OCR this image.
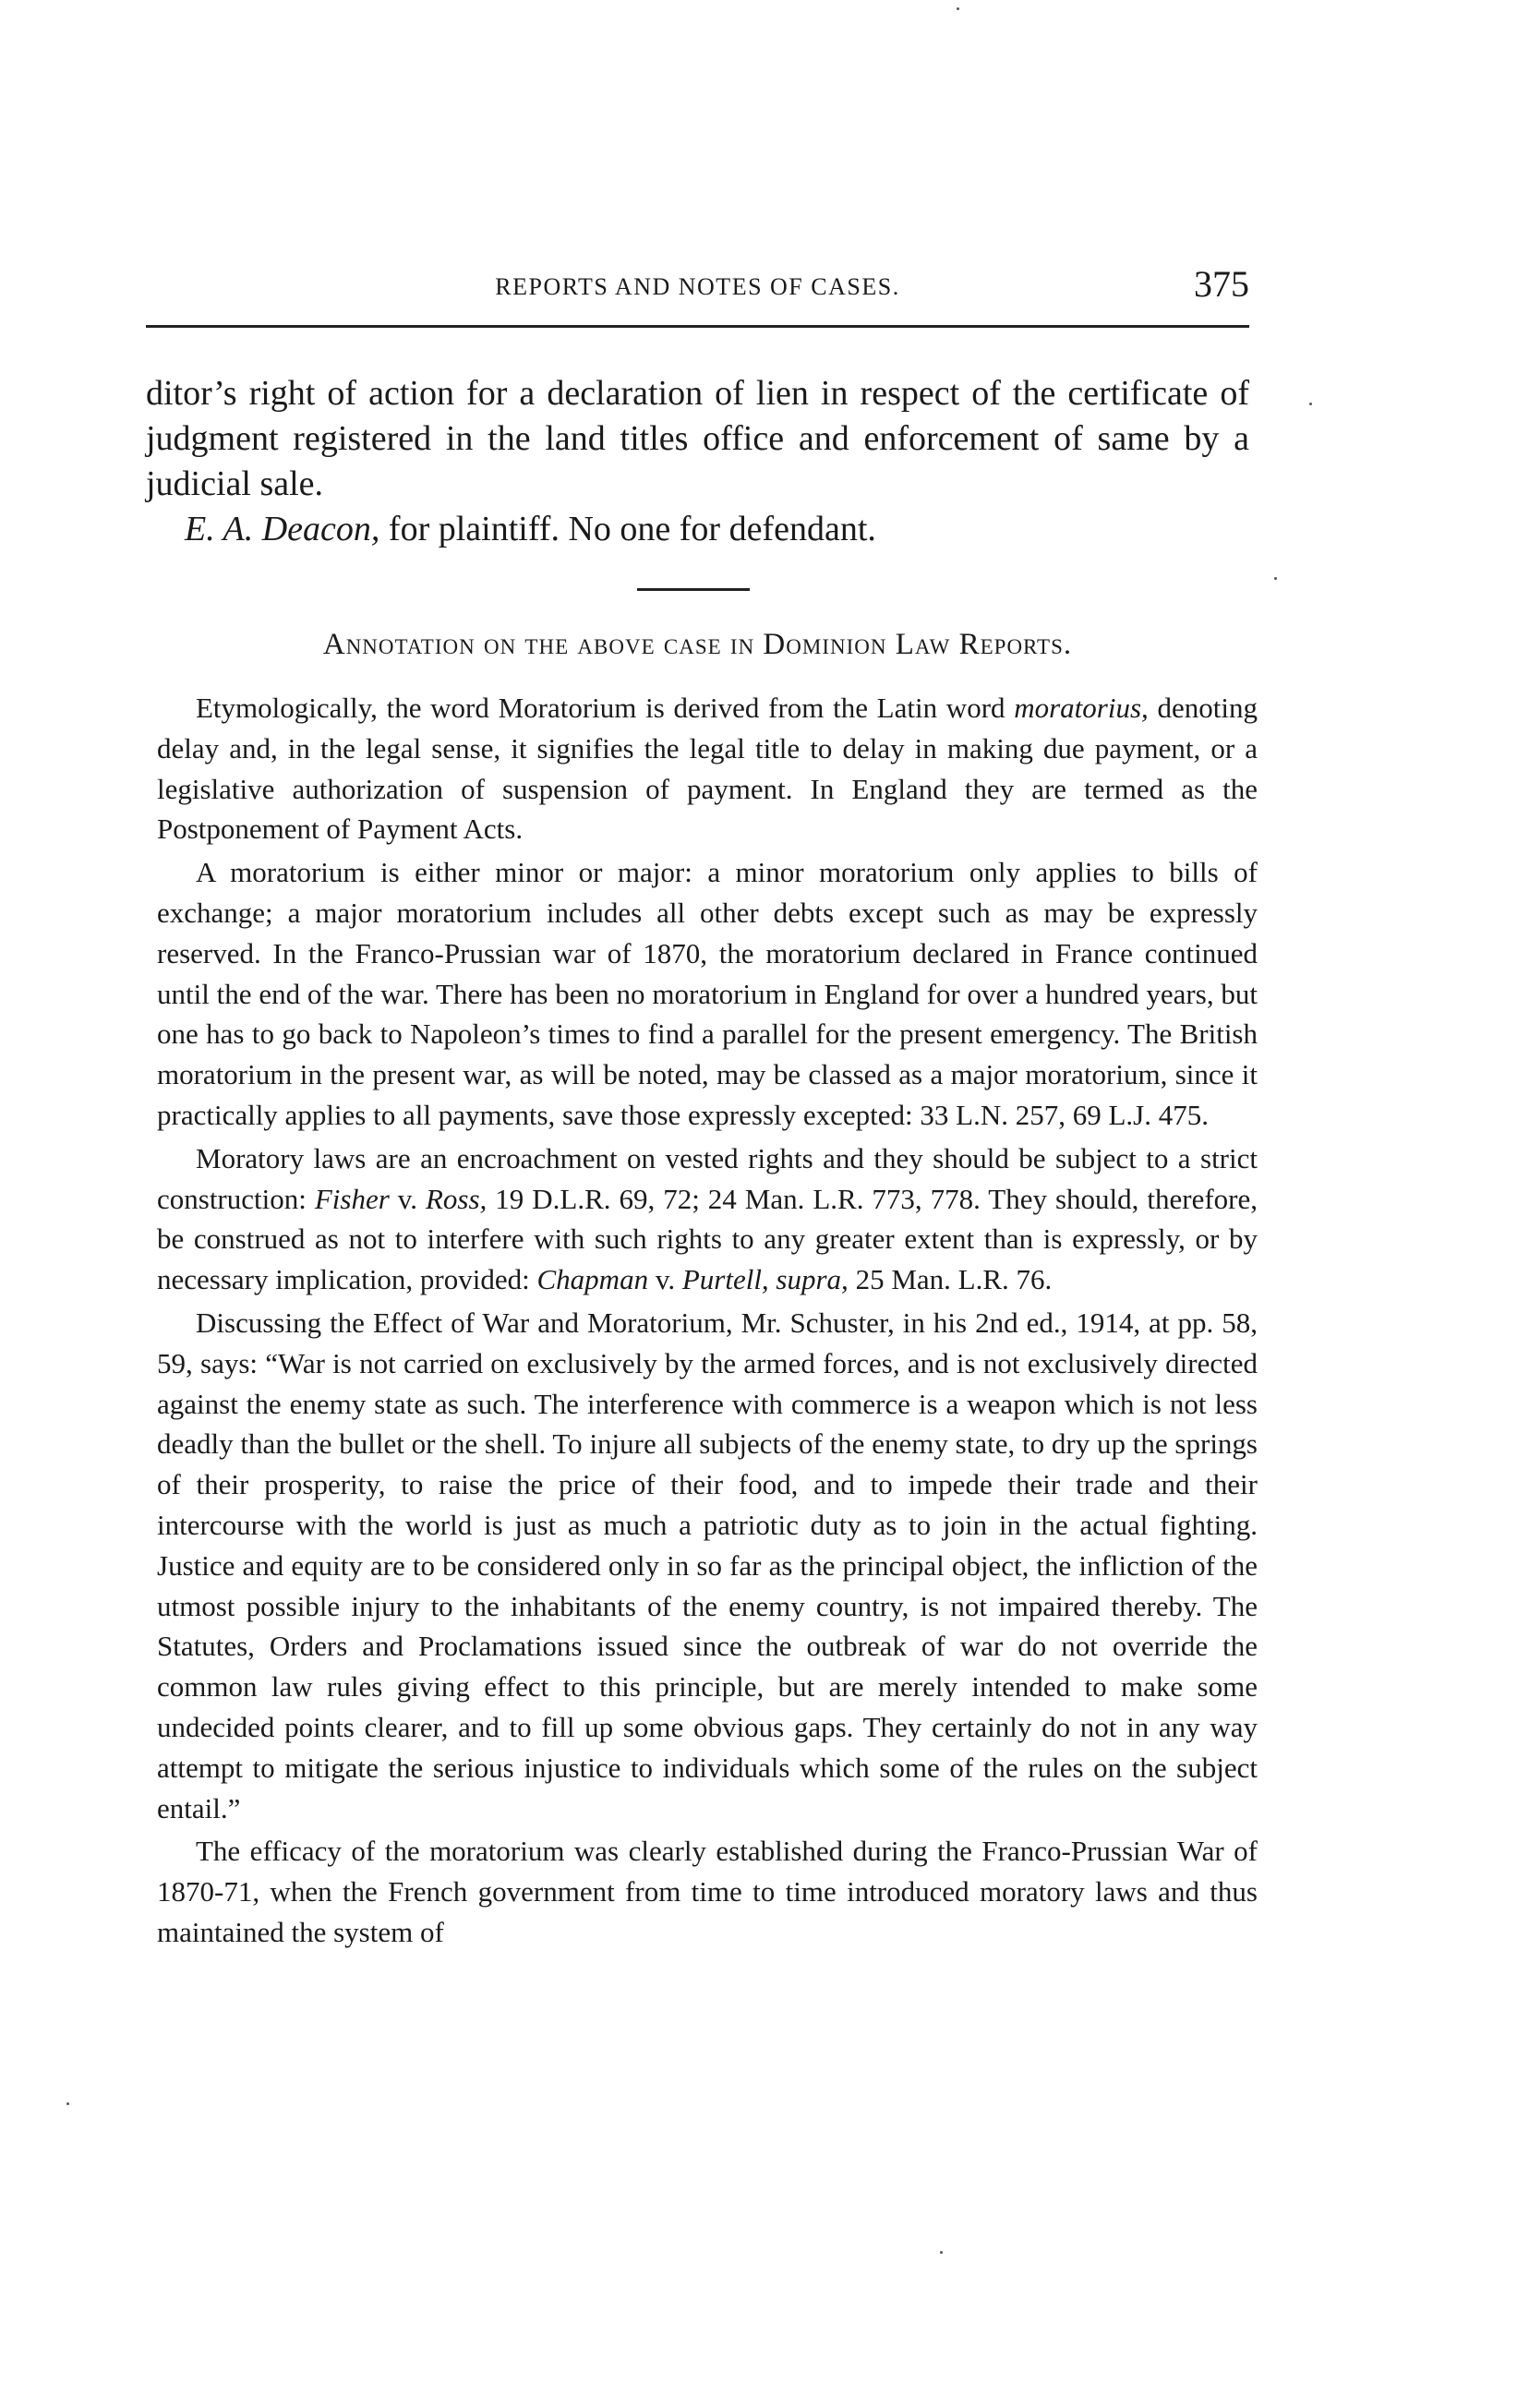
REPORTS AND NOTES OF CASES.	375

ditor’s right of action for a declaration of lien in respect of the certificate of judgment registered in the land titles office and enforcement of same by a judicial sale.

E. A. Deacon, for plaintiff. No one for defendant.

Annotation on the above case in Dominion Law Reports.

Etymologically, the word Moratorium is derived from the Latin word moratorius, denoting delay and, in the legal sense, it signifies the legal title to delay in making due payment, or a legislative authorization of suspension of payment. In England they are termed as the Postponement of Payment Acts.

A moratorium is either minor or major: a minor moratorium only applies to bills of exchange; a major moratorium includes all other debts except such as may be expressly reserved. In the Franco-Prussian war of 1870, the moratorium declared in France continued until the end of the war. There has been no moratorium in England for over a hundred years, but one has to go back to Napoleon’s times to find a parallel for the present emergency. The British moratorium in the present war, as will be noted, may be classed as a major moratorium, since it practically applies to all payments, save those expressly excepted: 33 L.N. 257, 69 L.J. 475.

Moratory laws are an encroachment on vested rights and they should be subject to a strict construction: Fisher v. Ross, 19 D.L.R. 69, 72; 24 Man. L.R. 773, 778. They should, therefore, be construed as not to interfere with such rights to any greater extent than is expressly, or by necessary implication, provided: Chapman v. Purtell, supra, 25 Man. L.R. 76.

Discussing the Effect of War and Moratorium, Mr. Schuster, in his 2nd ed., 1914, at pp. 58, 59, says: “War is not carried on exclusively by the armed forces, and is not exclusively directed against the enemy state as such. The interference with commerce is a weapon which is not less deadly than the bullet or the shell. To injure all subjects of the enemy state, to dry up the springs of their prosperity, to raise the price of their food, and to impede their trade and their intercourse with the world is just as much a patriotic duty as to join in the actual fighting. Justice and equity are to be considered only in so far as the principal object, the infliction of the utmost possible injury to the inhabitants of the enemy country, is not impaired thereby. The Statutes, Orders and Proclamations issued since the outbreak of war do not override the common law rules giving effect to this principle, but are merely intended to make some undecided points clearer, and to fill up some obvious gaps. They certainly do not in any way attempt to mitigate the serious injustice to individuals which some of the rules on the subject entail.”

The efficacy of the moratorium was clearly established during the Franco-Prussian War of 1870-71, when the French government from time to time introduced moratory laws and thus maintained the system of
